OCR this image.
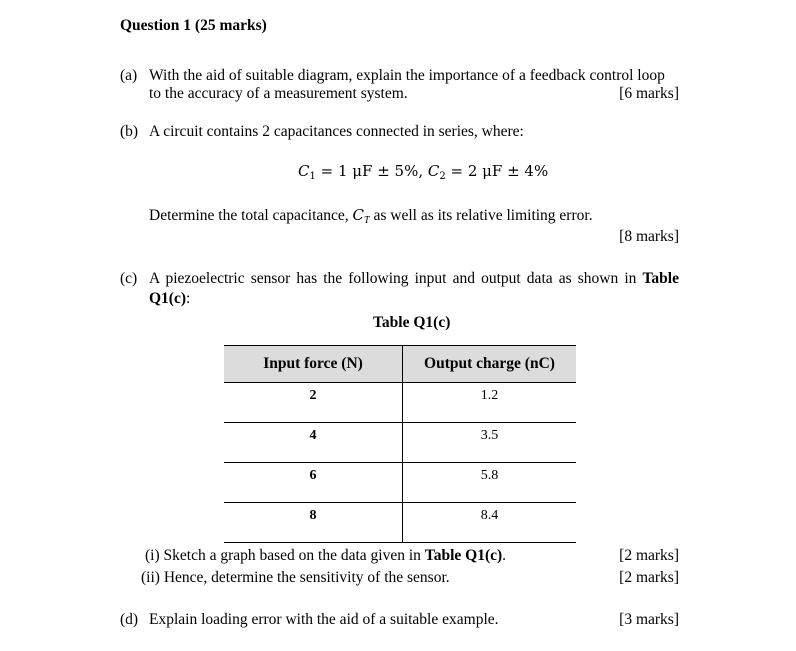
Question 1 (25 marks)
(a) With the aid of suitable diagram, explain the importance of a feedback control loop
to the accuracy of a measurement system.	[6 marks]
(b) A circuit contains 2 capacitances connected in series, where:
$C_1 = 1$ μF ± 5%, $C_2 = 2$ μF ± 4%
Determine the total capacitance, CT as well as its relative limiting error.
[8 marks]
(c) A piezoelectric sensor has the following input and output data as shown in Table
Q1(c):
Table Q1(c)
Input force (N)	Output charge (nC)
2	1.2
4	3.5
6	5.8
8	8.4
(i) Sketch a graph based on the data given in Table Q1(c).	[2 marks]
(ii) Hence, determine the sensitivity of the sensor.	[2 marks]
(d) Explain loading error with the aid of a suitable example.	[3 marks]
